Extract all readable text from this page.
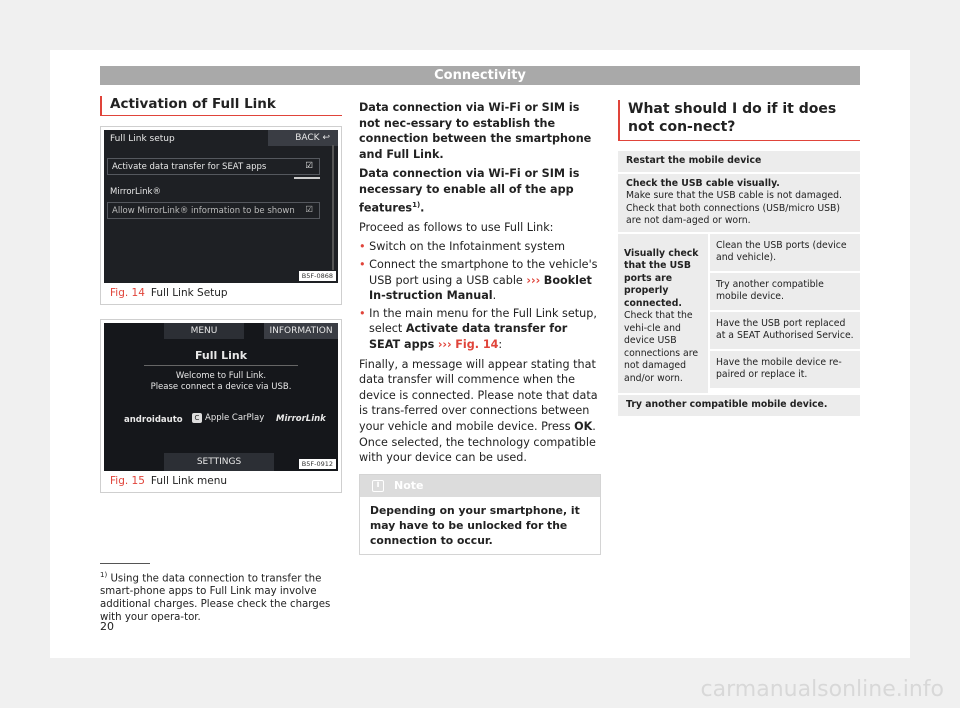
Connectivity
Activation of Full Link
Full Link setup	BACK ↩
Activate data transfer for SEAT apps	☑
MirrorLink®
Allow MirrorLink® information to be shown ☑
B5F-0868
Fig. 14 Full Link Setup
MENU	INFORMATION
Full Link
Welcome to Full Link.
Please connect a device via USB.
androidauto	C Apple CarPlay MirrorLink
SETTINGS	B5F-0912
Fig. 15 Full Link menu
Data connection via Wi-Fi or SIM is not nec-essary to establish the connection between the smartphone and Full Link.
Data connection via Wi-Fi or SIM is necessary to enable all of the app features$^{1)}$.
Proceed as follows to use Full Link:
• Switch on the Infotainment system
• Connect the smartphone to the vehicle's USB port using a USB cable ››› Booklet In-struction Manual.
• In the main menu for the Full Link setup, select Activate data transfer for SEAT apps ››› Fig. 14:
Finally, a message will appear stating that data transfer will commence when the device is connected. Please note that data is trans-ferred over connections between your vehicle and mobile device. Press OK. Once selected, the technology compatible with your device can be used.
i	Note
Depending on your smartphone, it may have to be unlocked for the connection to occur.
What should I do if it does not con-nect?
Restart the mobile device
Check the USB cable visually.
Make sure that the USB cable is not damaged. Check that both connections (USB/micro USB) are not dam-aged or worn.
Visually check that the USB ports are properly connected. Check that the vehi-cle and device USB connections are not damaged and/or worn.
Clean the USB ports (device and vehicle).
Try another compatible mobile device.
Have the USB port replaced at a SEAT Authorised Service.
Have the mobile device re-paired or replace it.
Try another compatible mobile device.
$^{1)}$ Using the data connection to transfer the smart-phone apps to Full Link may involve additional charges. Please check the charges with your opera-tor.
20
carmanualsonline.info
